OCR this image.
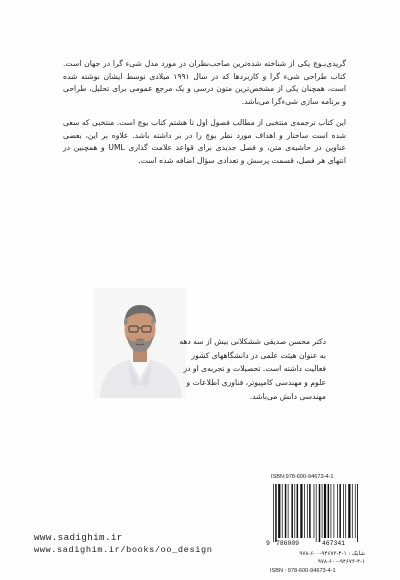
گریدی‌بـوچ یکی از شناخته شده‌ترین صاحب‌نظران در مورد مدل شیء گرا در جهان است. کتاب طراحی شیء گرا و کاربردها که در سال ۱۹۹۱ میلادی توسط ایشان نوشته شده است، همچنان یکی از مشخص‌ترین متون درسی و یک مرجع عمومی برای تحلیل، طراحی و برنامه سازی شیء‌گرا می‌باشد.
این کتاب ترجمه‌ی منتخبی از مطالب فصول اول تا هشتم کتاب بوچ است. منتخبی که سعی شده است ساختار و اهداف مورد نظر بوچ را در بر داشته باشد. علاوه بر این، بعضی عناوین در حاشیه‌ی متن، و فصل جدیدی برای قواعد علامت گذاری UML و همچنین در انتهای هر فصل، قسمت پرسش و تعدادی سؤال اضافه شده است.
دکتر محسن صدیقی ششکلانی بیش از سه دهه به عنوان هیئت علمی در دانشگاههای کشور فعالیت داشته است. تحصیلات و تجربه‌ی او در علوم و مهندسی کامپیوتر، فناوری اطلاعات و مهندسی دانش می‌باشد.
ISBN:978-600-94673-4-1
9 786009	467341
شابک : ۱-۴-۹۴۶۷۳-۶۰۰-۹۷۸
۹۷۸-۶۰۰-۹۴۶۷۳-۴-۱
ISBN : 978-600-94673-4-1
www.sadighim.ir
www.sadighim.ir/books/oo_design
